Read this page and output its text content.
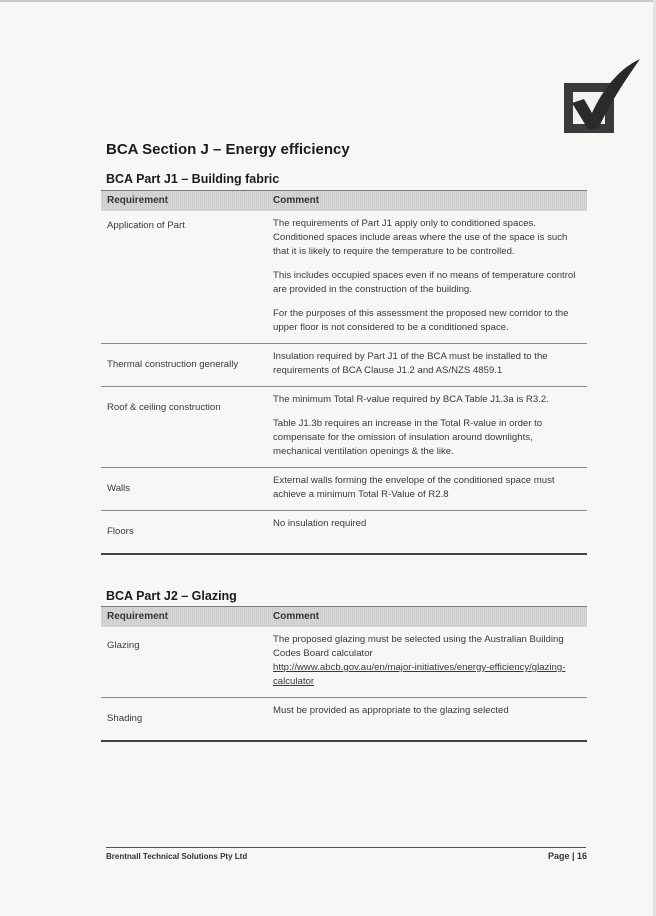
BCA Section J – Energy efficiency
BCA Part J1 – Building fabric
Requirement	Comment
Application of Part	The requirements of Part J1 apply only to conditioned spaces. Conditioned spaces include areas where the use of the space is such that it is likely to require the temperature to be controlled.

This includes occupied spaces even if no means of temperature control are provided in the construction of the building.

For the purposes of this assessment the proposed new corridor to the upper floor is not considered to be a conditioned space.

Thermal construction generally	Insulation required by Part J1 of the BCA must be installed to the requirements of BCA Clause J1.2 and AS/NZS 4859.1

Roof & ceiling construction	The minimum Total R-value required by BCA Table J1.3a is R3.2.

Table J1.3b requires an increase in the Total R-value in order to compensate for the omission of insulation around downlights, mechanical ventilation openings & the like.

Walls	External walls forming the envelope of the conditioned space must achieve a minimum Total R-Value of R2.8

Floors	No insulation required

BCA Part J2 – Glazing
Requirement	Comment
Glazing	The proposed glazing must be selected using the Australian Building Codes Board calculator
http://www.abcb.gov.au/en/major-initiatives/energy-efficiency/glazing-calculator
Shading	Must be provided as appropriate to the glazing selected
Brentnall Technical Solutions Pty Ltd	Page | 16
